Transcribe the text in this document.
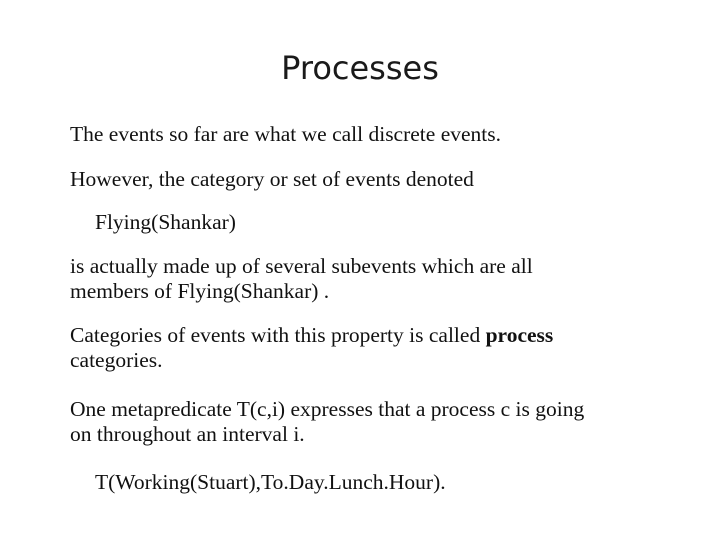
Processes
The events so far are what we call discrete events.
However, the category or set of events denoted
Flying(Shankar)
is actually made up of several subevents which are all
members of Flying(Shankar) .
Categories of events with this property is called process
categories.
One metapredicate T(c,i) expresses that a process c is going
on throughout an interval i.
T(Working(Stuart),To.Day.Lunch.Hour).
